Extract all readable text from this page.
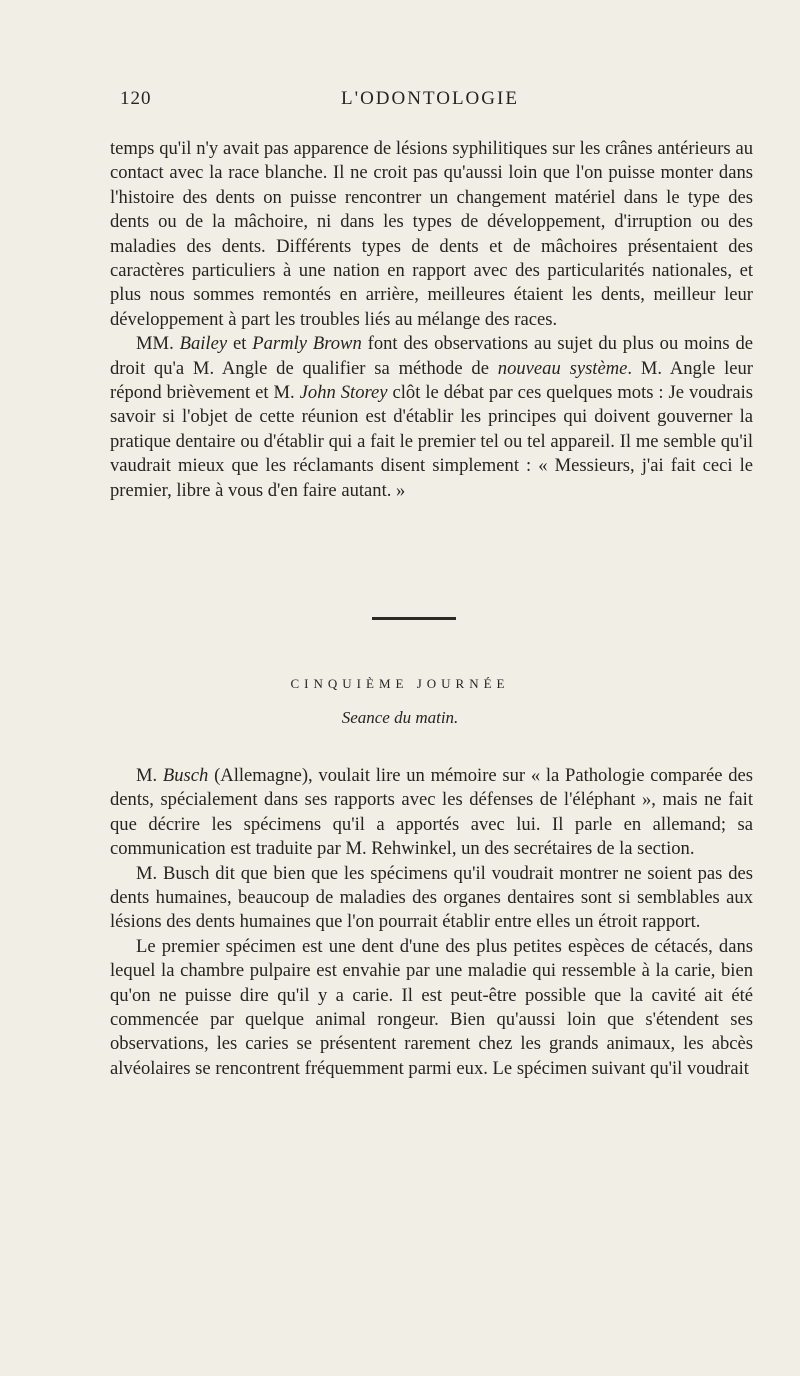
120	L'ODONTOLOGIE

temps qu'il n'y avait pas apparence de lésions syphilitiques sur les crânes antérieurs au contact avec la race blanche. Il ne croit pas qu'aussi loin que l'on puisse monter dans l'histoire des dents on puisse rencontrer un changement matériel dans le type des dents ou de la mâchoire, ni dans les types de développement, d'irruption ou des maladies des dents. Différents types de dents et de mâchoires présentaient des caractères particuliers à une nation en rapport avec des particularités nationales, et plus nous sommes remontés en arrière, meilleures étaient les dents, meilleur leur développement à part les troubles liés au mélange des races.

MM. Bailey et Parmly Brown font des observations au sujet du plus ou moins de droit qu'a M. Angle de qualifier sa méthode de nouveau système. M. Angle leur répond brièvement et M. John Storey clôt le débat par ces quelques mots : Je voudrais savoir si l'objet de cette réunion est d'établir les principes qui doivent gouverner la pratique dentaire ou d'établir qui a fait le premier tel ou tel appareil. Il me semble qu'il vaudrait mieux que les réclamants disent simplement : « Messieurs, j'ai fait ceci le premier, libre à vous d'en faire autant. »

CINQUIÈME JOURNÉE
Seance du matin.

M. Busch (Allemagne), voulait lire un mémoire sur « la Pathologie comparée des dents, spécialement dans ses rapports avec les défenses de l'éléphant », mais ne fait que décrire les spécimens qu'il a apportés avec lui. Il parle en allemand; sa communication est traduite par M. Rehwinkel, un des secrétaires de la section.

M. Busch dit que bien que les spécimens qu'il voudrait montrer ne soient pas des dents humaines, beaucoup de maladies des organes dentaires sont si semblables aux lésions des dents humaines que l'on pourrait établir entre elles un étroit rapport.

Le premier spécimen est une dent d'une des plus petites espèces de cétacés, dans lequel la chambre pulpaire est envahie par une maladie qui ressemble à la carie, bien qu'on ne puisse dire qu'il y a carie. Il est peut-être possible que la cavité ait été commencée par quelque animal rongeur. Bien qu'aussi loin que s'étendent ses observations, les caries se présentent rarement chez les grands animaux, les abcès alvéolaires se rencontrent fréquemment parmi eux. Le spécimen suivant qu'il voudrait
